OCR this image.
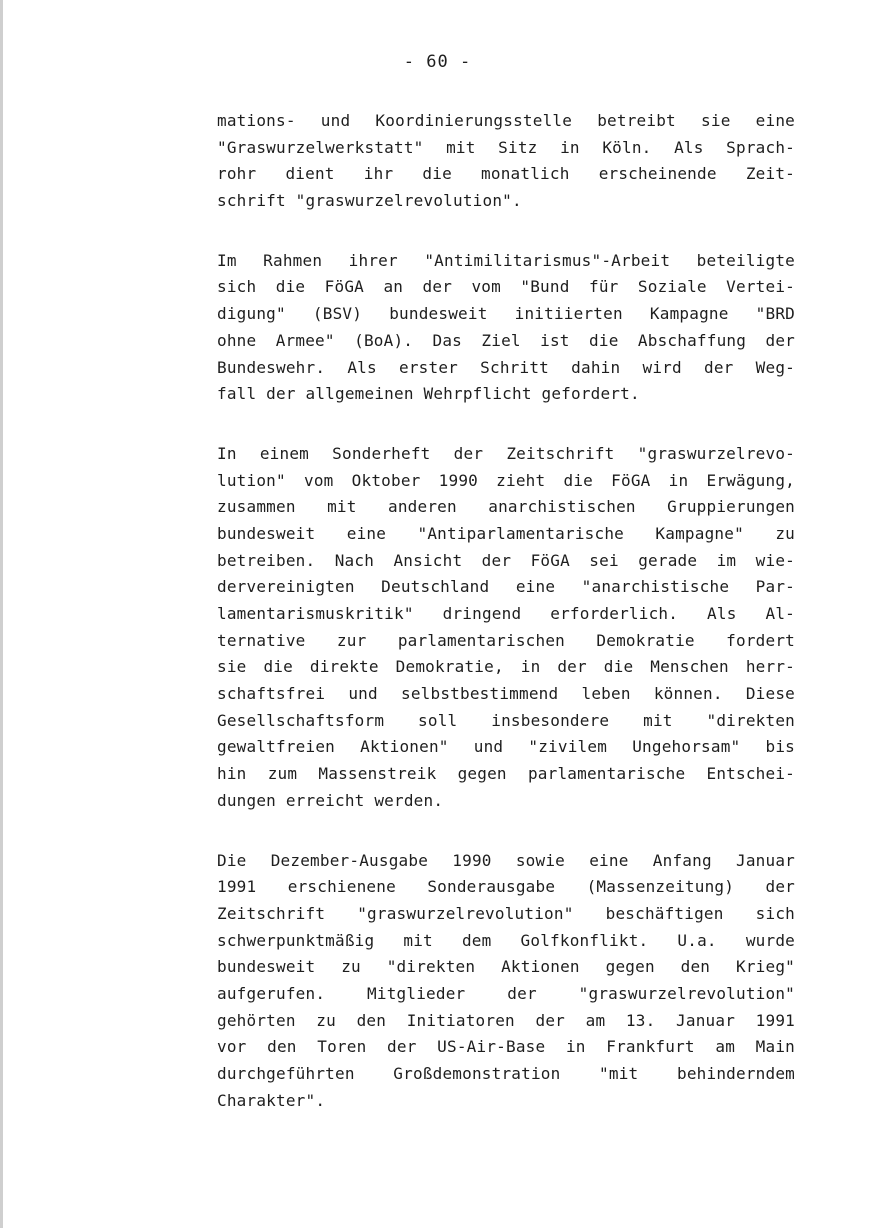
- 60 -
mations- und Koordinierungsstelle betreibt sie eine
"Graswurzelwerkstatt" mit Sitz in Köln. Als Sprach-
rohr dient ihr die monatlich erscheinende Zeit-
schrift "graswurzelrevolution".
Im Rahmen ihrer "Antimilitarismus"-Arbeit beteiligte
sich die FöGA an der vom "Bund für Soziale Vertei-
digung" (BSV) bundesweit initiierten Kampagne "BRD
ohne Armee" (BoA). Das Ziel ist die Abschaffung der
Bundeswehr. Als erster Schritt dahin wird der Weg-
fall der allgemeinen Wehrpflicht gefordert.
In einem Sonderheft der Zeitschrift "graswurzelrevo-
lution" vom Oktober 1990 zieht die FöGA in Erwägung,
zusammen mit anderen anarchistischen Gruppierungen
bundesweit eine "Antiparlamentarische Kampagne" zu
betreiben. Nach Ansicht der FöGA sei gerade im wie-
dervereinigten Deutschland eine "anarchistische Par-
lamentarismuskritik" dringend erforderlich. Als Al-
ternative zur parlamentarischen Demokratie fordert
sie die direkte Demokratie, in der die Menschen herr-
schaftsfrei und selbstbestimmend leben können. Diese
Gesellschaftsform soll insbesondere mit "direkten
gewaltfreien Aktionen" und "zivilem Ungehorsam" bis
hin zum Massenstreik gegen parlamentarische Entschei-
dungen erreicht werden.
Die Dezember-Ausgabe 1990 sowie eine Anfang Januar
1991 erschienene Sonderausgabe (Massenzeitung) der
Zeitschrift "graswurzelrevolution" beschäftigen sich
schwerpunktmäßig mit dem Golfkonflikt. U.a. wurde
bundesweit zu "direkten Aktionen gegen den Krieg"
aufgerufen. Mitglieder der "graswurzelrevolution"
gehörten zu den Initiatoren der am 13. Januar 1991
vor den Toren der US-Air-Base in Frankfurt am Main
durchgeführten Großdemonstration "mit behinderndem
Charakter".
